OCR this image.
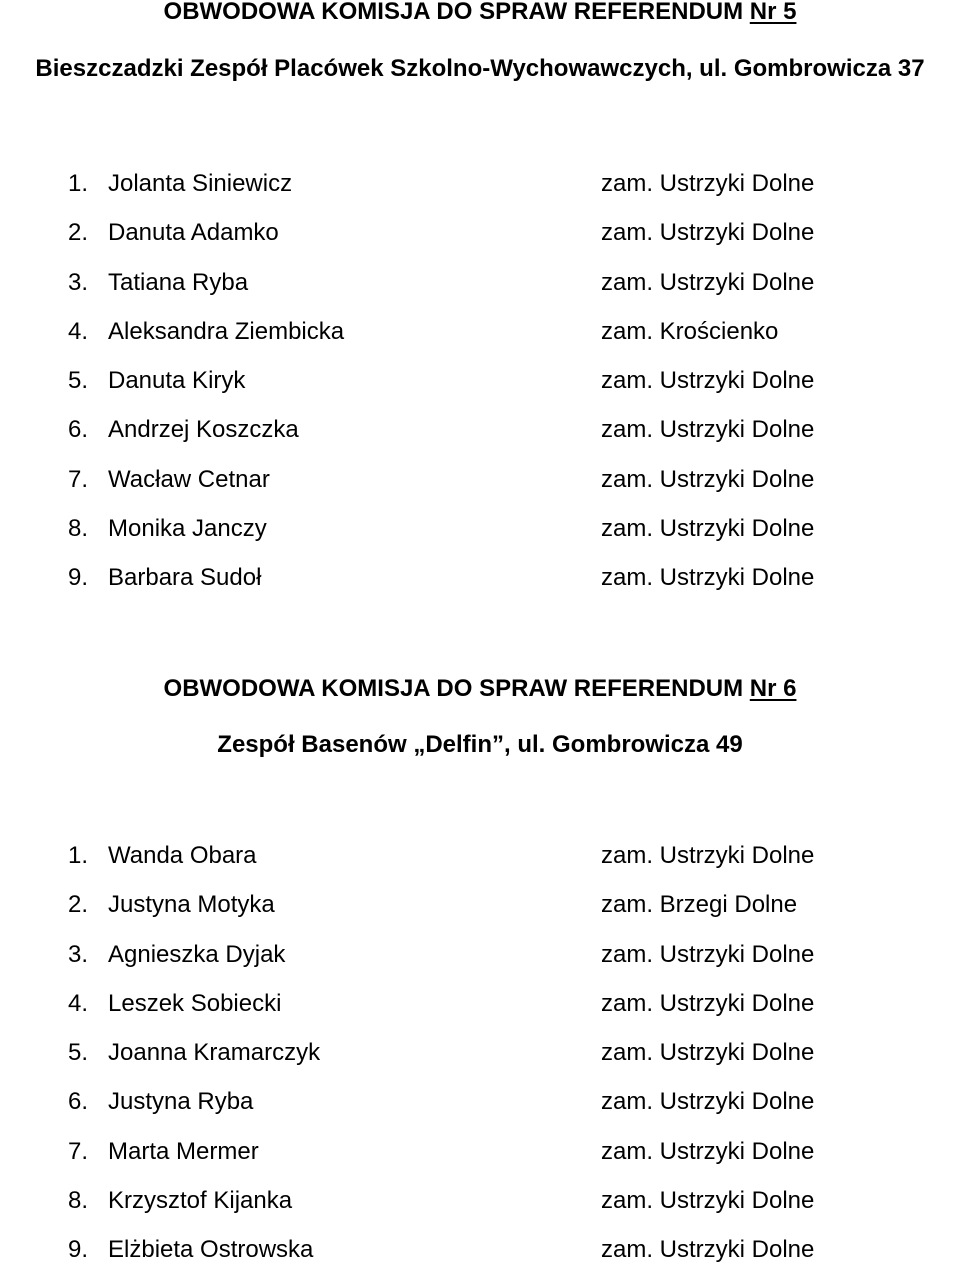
OBWODOWA KOMISJA DO SPRAW REFERENDUM Nr 5
Bieszczadzki Zespół Placówek Szkolno-Wychowawczych, ul. Gombrowicza 37
1. Jolanta Siniewicz	zam. Ustrzyki Dolne
2. Danuta Adamko	zam. Ustrzyki Dolne
3. Tatiana Ryba	zam. Ustrzyki Dolne
4. Aleksandra Ziembicka	zam. Krościenko
5. Danuta Kiryk	zam. Ustrzyki Dolne
6. Andrzej Koszczka	zam. Ustrzyki Dolne
7. Wacław Cetnar	zam. Ustrzyki Dolne
8. Monika Janczy	zam. Ustrzyki Dolne
9. Barbara Sudoł	zam. Ustrzyki Dolne
OBWODOWA KOMISJA DO SPRAW REFERENDUM Nr 6
Zespół Basenów „Delfin”, ul. Gombrowicza 49
1. Wanda Obara	zam. Ustrzyki Dolne
2. Justyna Motyka	zam. Brzegi Dolne
3. Agnieszka Dyjak	zam. Ustrzyki Dolne
4. Leszek Sobiecki	zam. Ustrzyki Dolne
5. Joanna Kramarczyk	zam. Ustrzyki Dolne
6. Justyna Ryba	zam. Ustrzyki Dolne
7. Marta Mermer	zam. Ustrzyki Dolne
8. Krzysztof Kijanka	zam. Ustrzyki Dolne
9. Elżbieta Ostrowska	zam. Ustrzyki Dolne
